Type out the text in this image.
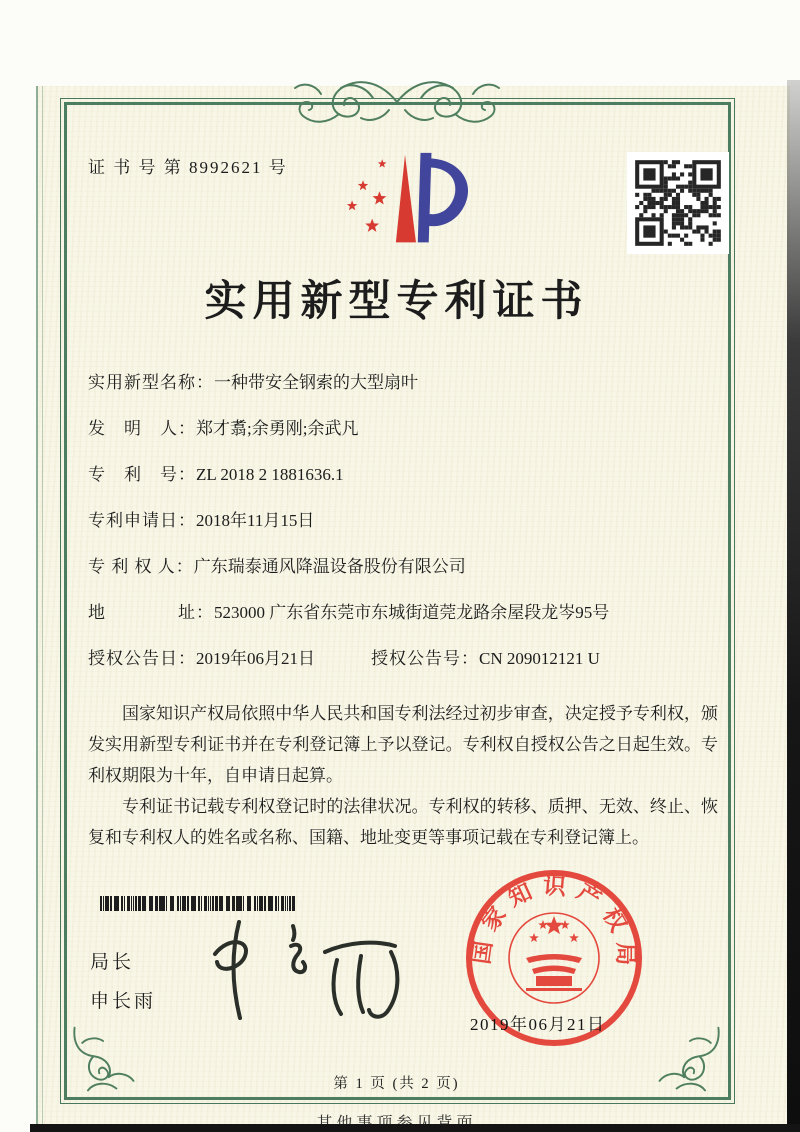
证 书 号 第 8992621 号
实用新型专利证书
实用新型名称：一种带安全钢索的大型扇叶
发　明　人：郑才翥;余勇刚;余武凡
专　利　号：ZL 2018 2 1881636.1
专利申请日：2018年11月15日
专 利 权 人：广东瑞泰通风降温设备股份有限公司
地　　　　址：523000 广东省东莞市东城街道莞龙路余屋段龙岑95号
授权公告日：2019年06月21日	授权公告号：CN 209012121 U

国家知识产权局依照中华人民共和国专利法经过初步审查，决定授予专利权，颁发实用新型专利证书并在专利登记簿上予以登记。专利权自授权公告之日起生效。专利权期限为十年，自申请日起算。

专利证书记载专利权登记时的法律状况。专利权的转移、质押、无效、终止、恢复和专利权人的姓名或名称、国籍、地址变更等事项记载在专利登记簿上。

局长
申长雨
国家知识产权局
2019年06月21日
第 1 页 (共 2 页)
